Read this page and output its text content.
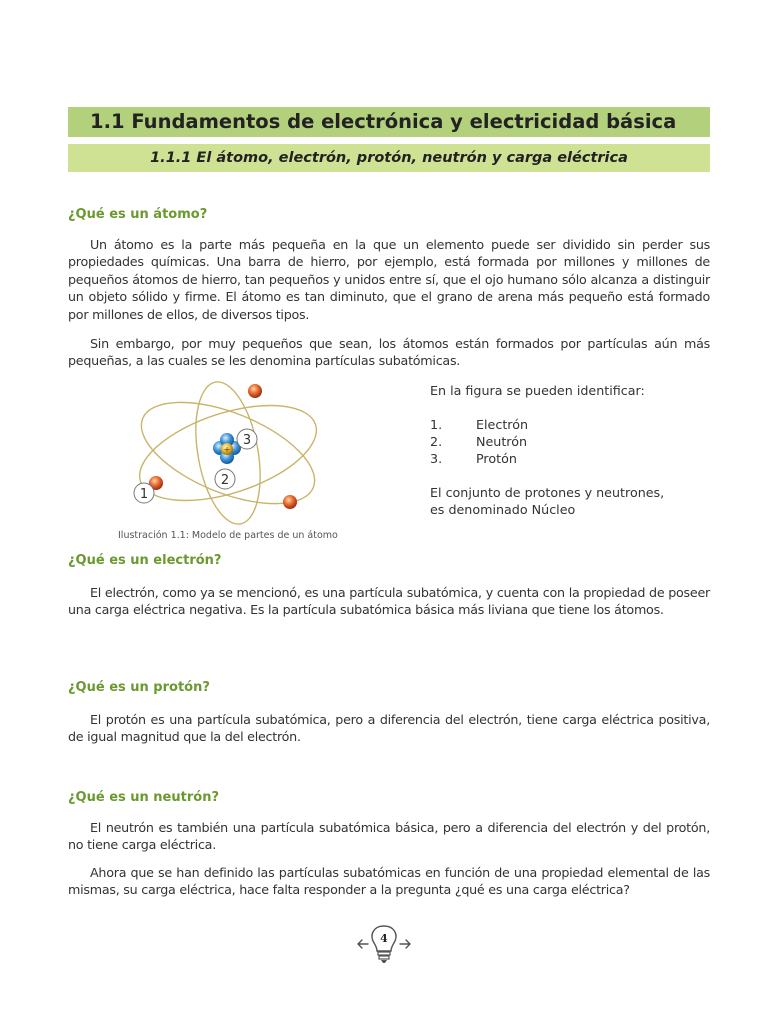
1.1 Fundamentos de electrónica y electricidad básica
1.1.1 El átomo, electrón, protón, neutrón y carga eléctrica
¿Qué es un átomo?

Un átomo es la parte más pequeña en la que un elemento puede ser dividido sin perder sus propiedades químicas. Una barra de hierro, por ejemplo, está formada por millones y millones de pequeños átomos de hierro, tan pequeños y unidos entre sí, que el ojo humano sólo alcanza a distinguir un objeto sólido y firme. El átomo es tan diminuto, que el grano de arena más pequeño está formado por millones de ellos, de diversos tipos.

Sin embargo, por muy pequeños que sean, los átomos están formados por partículas aún más pequeñas, a las cuales se les denomina partículas subatómicas.

+
3
2
1
En la figura se pueden identificar:
1.	Electrón
2.	Neutrón
3.	Protón
El conjunto de protones y neutrones,
es denominado Núcleo
Ilustración 1.1: Modelo de partes de un átomo
¿Qué es un electrón?

El electrón, como ya se mencionó, es una partícula subatómica, y cuenta con la propiedad de poseer una carga eléctrica negativa. Es la partícula subatómica básica más liviana que tiene los átomos.

¿Qué es un protón?

El protón es una partícula subatómica, pero a diferencia del electrón, tiene carga eléctrica positiva, de igual magnitud que la del electrón.

¿Qué es un neutrón?

El neutrón es también una partícula subatómica básica, pero a diferencia del electrón y del protón, no tiene carga eléctrica.

Ahora que se han definido las partículas subatómicas en función de una propiedad elemental de las mismas, su carga eléctrica, hace falta responder a la pregunta ¿qué es una carga eléctrica?

4
